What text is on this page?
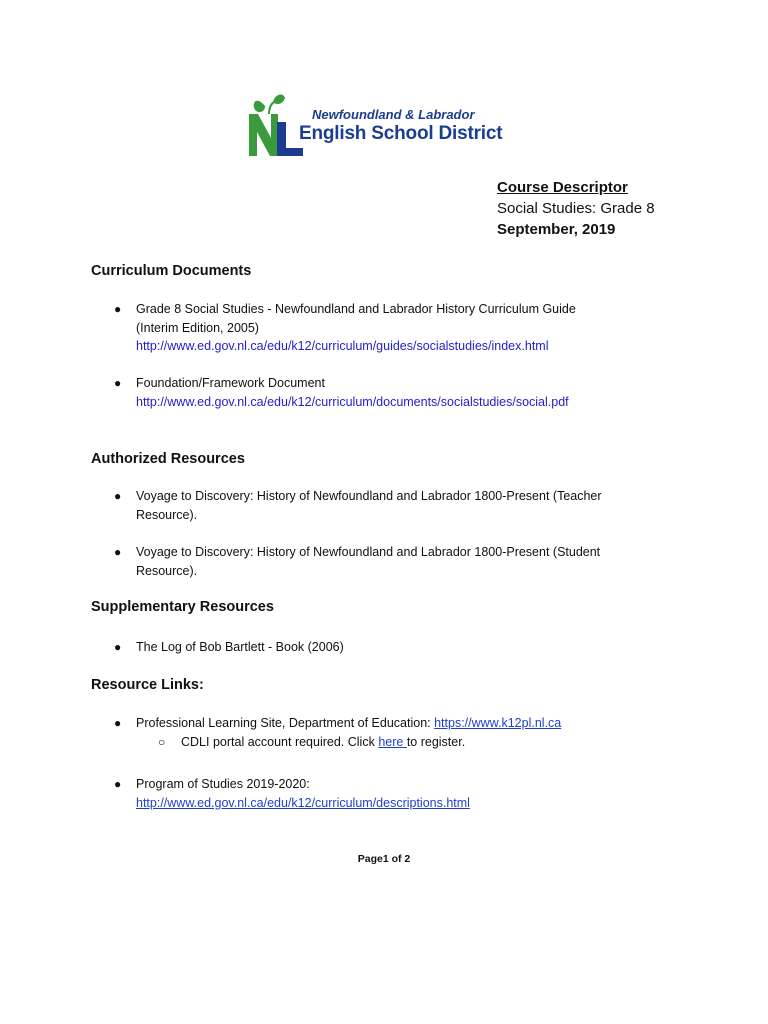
Newfoundland & Labrador
English School District
Course Descriptor
Social Studies: Grade 8
September, 2019
Curriculum Documents
● Grade 8 Social Studies - Newfoundland and Labrador History Curriculum Guide
(Interim Edition, 2005)
http://www.ed.gov.nl.ca/edu/k12/curriculum/guides/socialstudies/index.html
● Foundation/Framework Document
http://www.ed.gov.nl.ca/edu/k12/curriculum/documents/socialstudies/social.pdf
Authorized Resources
● Voyage to Discovery: History of Newfoundland and Labrador 1800-Present (Teacher
Resource).
● Voyage to Discovery: History of Newfoundland and Labrador 1800-Present (Student
Resource).
Supplementary Resources
● The Log of Bob Bartlett - Book (2006)
Resource Links:
● Professional Learning Site, Department of Education: https://www.k12pl.nl.ca
○ CDLI portal account required. Click here to register.
● Program of Studies 2019-2020:
http://www.ed.gov.nl.ca/edu/k12/curriculum/descriptions.html
Page1 of 2
